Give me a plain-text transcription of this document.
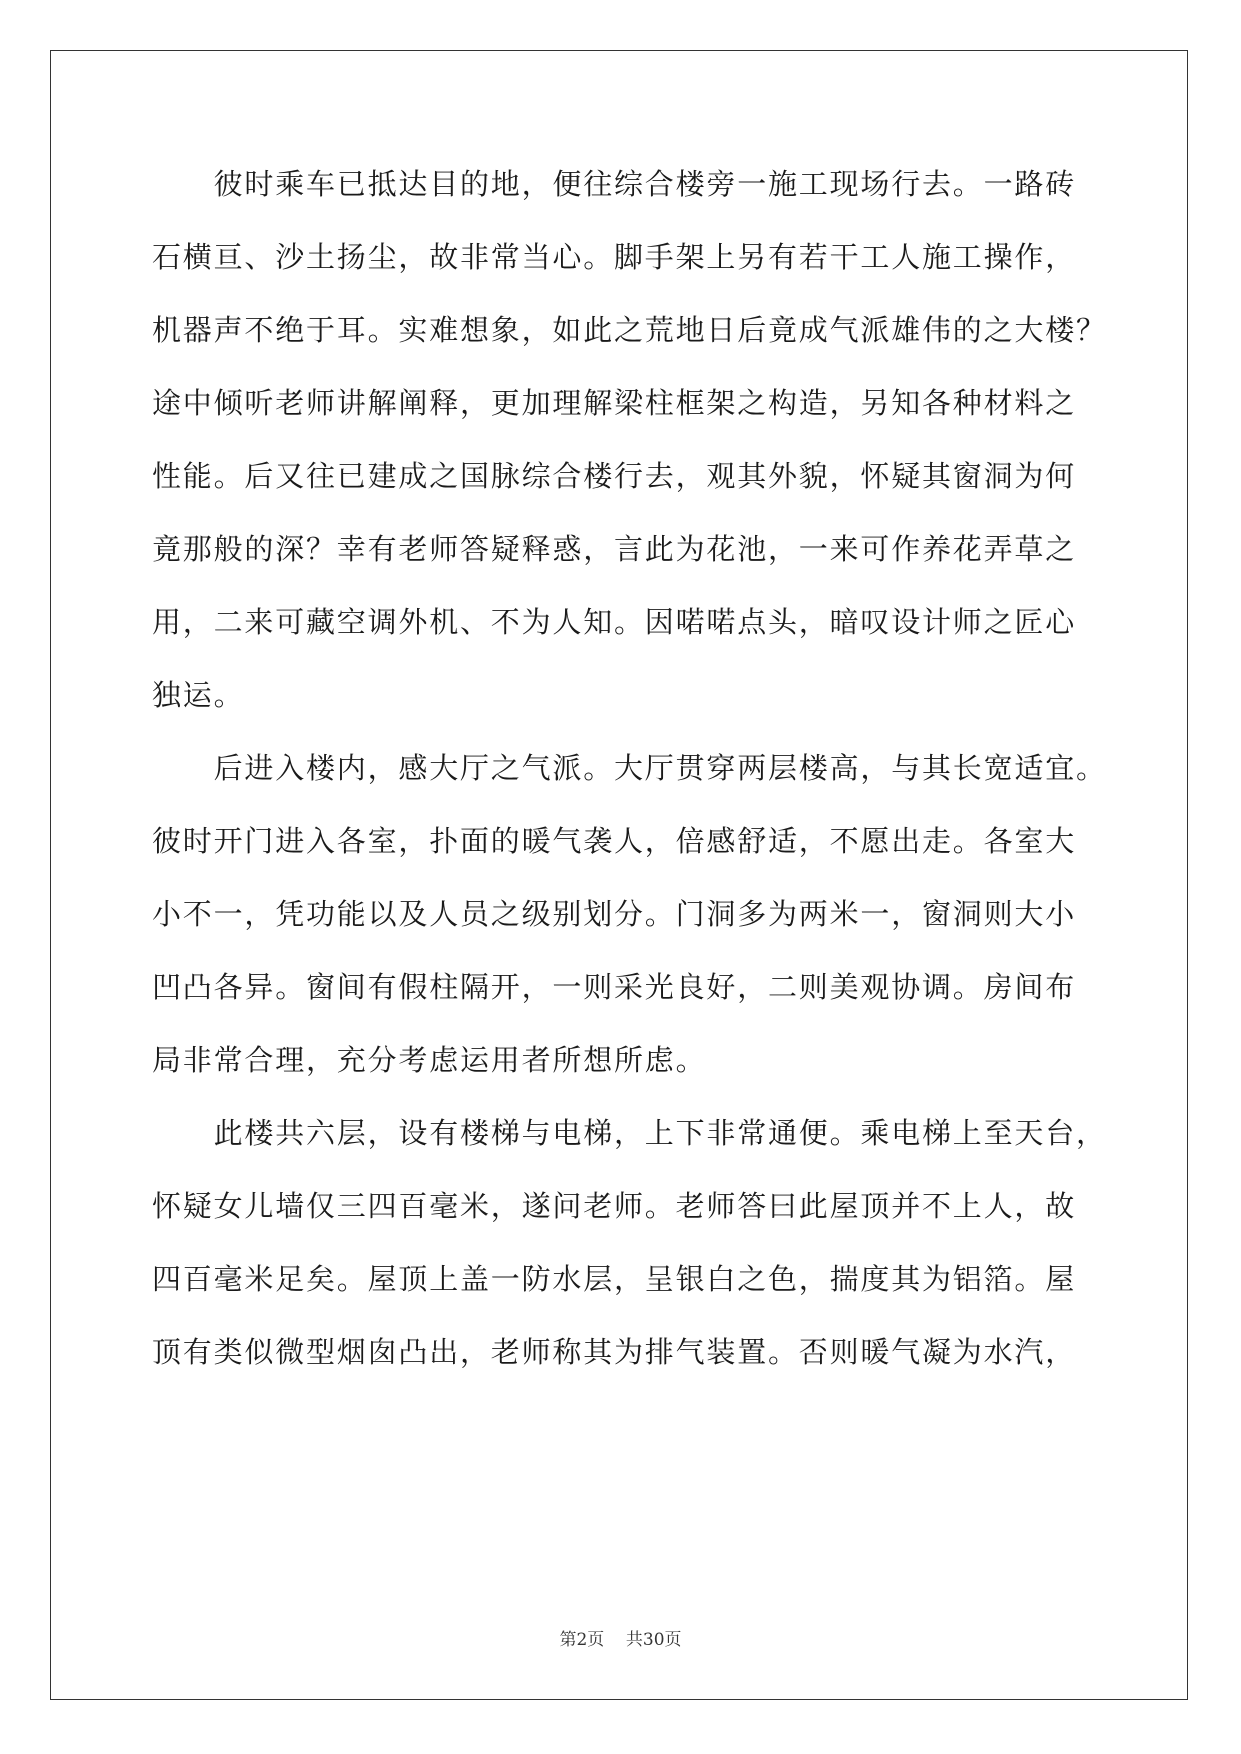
　　彼时乘车已抵达目的地，便往综合楼旁一施工现场行去。一路砖
石横亘、沙土扬尘，故非常当心。脚手架上另有若干工人施工操作，
机器声不绝于耳。实难想象，如此之荒地日后竟成气派雄伟的之大楼？
途中倾听老师讲解阐释，更加理解梁柱框架之构造，另知各种材料之
性能。后又往已建成之国脉综合楼行去，观其外貌，怀疑其窗洞为何
竟那般的深？幸有老师答疑释惑，言此为花池，一来可作养花弄草之
用，二来可藏空调外机、不为人知。因喏喏点头，暗叹设计师之匠心
独运。
　　后进入楼内，感大厅之气派。大厅贯穿两层楼高，与其长宽适宜。
彼时开门进入各室，扑面的暖气袭人，倍感舒适，不愿出走。各室大
小不一，凭功能以及人员之级别划分。门洞多为两米一，窗洞则大小
凹凸各异。窗间有假柱隔开，一则采光良好，二则美观协调。房间布
局非常合理，充分考虑运用者所想所虑。
　　此楼共六层，设有楼梯与电梯，上下非常通便。乘电梯上至天台，
怀疑女儿墙仅三四百毫米，遂问老师。老师答曰此屋顶并不上人，故
四百毫米足矣。屋顶上盖一防水层，呈银白之色，揣度其为铝箔。屋
顶有类似微型烟囱凸出，老师称其为排气装置。否则暖气凝为水汽，
第2页 共30页
